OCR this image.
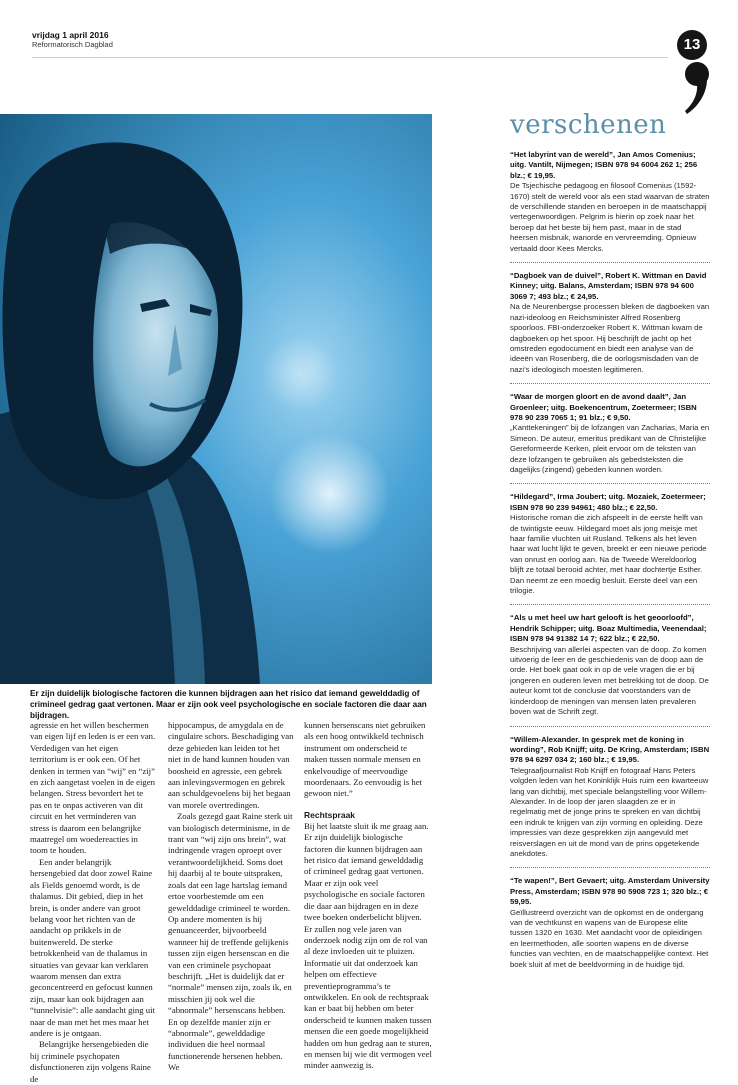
vrijdag 1 april 2016
Reformatorisch Dagblad	13
Er zijn duidelijk biologische factoren die kunnen bijdragen aan het risico dat iemand gewelddadig of crimineel gedrag gaat vertonen. Maar er zijn ook veel psychologische en sociale factoren die daar aan bijdragen.

agressie en het willen beschermen van eigen lijf en leden is er een van. Verdedigen van het eigen territorium is er ook een. Of het denken in termen van “wij” en “zij” en zich aangetast voelen in de eigen belangen. Stress bevordert het te pas en te onpas activeren van dit circuit en het verminderen van stress is daarom een belangrijke maatregel om woedereacties in toom te houden.

Een ander belangrijk hersengebied dat door zowel Raine als Fields genoemd wordt, is de thalamus. Dit gebied, diep in het brein, is onder andere van groot belang voor het richten van de aandacht op prikkels in de buitenwereld. De sterke betrokkenheid van de thalamus in situaties van gevaar kan verklaren waarom mensen dan extra geconcentreerd en gefocust kunnen zijn, maar kan ook bijdragen aan “tunnelvisie”: alle aandacht ging uit naar de man met het mes maar het andere is je ontgaan.

Belangrijke hersengebieden die bij criminele psychopaten disfunctioneren zijn volgens Raine de

hippocampus, de amygdala en de cingulaire schors. Beschadiging van deze gebieden kan leiden tot het niet in de hand kunnen houden van boosheid en agressie, een gebrek aan inlevingsvermogen en gebrek aan schuldgevoelens bij het begaan van morele overtredingen.

Zoals gezegd gaat Raine sterk uit van biologisch determinisme, in de trant van “wij zijn ons brein”, wat indringende vragen oproept over verantwoordelijkheid. Soms doet hij daarbij al te boute uitspraken, zoals dat een lage hartslag iemand ertoe voorbestemde om een gewelddadige crimineel te worden. Op andere momenten is hij genuanceerder, bijvoorbeeld wanneer hij de treffende gelijkenis tussen zijn eigen hersenscan en die van een criminele psychopaat beschrijft. „Het is duidelijk dat er “normale” mensen zijn, zoals ik, en misschien jij ook wel die “abnormale” hersenscans hebben. En op dezelfde manier zijn er “abnormale”, gewelddadige individuen die heel normaal functionerende hersenen hebben. We

kunnen hersenscans niet gebruiken als een hoog ontwikkeld technisch instrument om onderscheid te maken tussen normale mensen en enkelvoudige of meervoudige moordenaars. Zo eenvoudig is het gewoon niet.”

Rechtspraak

Bij het laatste sluit ik me graag aan. Er zijn duidelijk biologische factoren die kunnen bijdragen aan het risico dat iemand gewelddadig of crimineel gedrag gaat vertonen. Maar er zijn ook veel psychologische en sociale factoren die daar aan bijdragen en in deze twee boeken onderbelicht blijven. Er zullen nog vele jaren van onderzoek nodig zijn om de rol van al deze invloeden uit te pluizen. Informatie uit dat onderzoek kan helpen om effectieve preventieprogramma’s te ontwikkelen. En ook de rechtspraak kan er baat bij hebben om beter onderscheid te kunnen maken tussen mensen die een goede mogelijkheid hadden om hun gedrag aan te sturen, en mensen bij wie dit vermogen veel minder aanwezig is.

verschenen
“Het labyrint van de wereld”, Jan Amos Comenius; uitg. Vantilt, Nijmegen; ISBN 978 94 6004 262 1; 256 blz.; € 19,95.
De Tsjechische pedagoog en filosoof Comenius (1592-1670) stelt de wereld voor als een stad waarvan de straten de verschillende standen en beroepen in de maatschappij vertegenwoordigen. Pelgrim is hierin op zoek naar het beroep dat het beste bij hem past, maar in de stad heersen misbruik, wanorde en vervreemding. Opnieuw vertaald door Kees Mercks.
“Dagboek van de duivel”, Robert K. Wittman en David Kinney; uitg. Balans, Amsterdam; ISBN 978 94 600 3069 7; 493 blz.; € 24,95.
Na de Neurenbergse processen bleken de dagboeken van nazi-ideoloog en Reichsminister Alfred Rosenberg spoorloos. FBI-onderzoeker Robert K. Wittman kwam de dagboeken op het spoor. Hij beschrijft de jacht op het omstreden egodocument en biedt een analyse van de ideeën van Rosenberg, die de oorlogsmisdaden van de nazi’s ideologisch moesten legitimeren.
“Waar de morgen gloort en de avond daalt”, Jan Groenleer; uitg. Boekencentrum, Zoetermeer; ISBN 978 90 239 7065 1; 91 blz.; € 9,50.
„Kanttekeningen” bij de lofzangen van Zacharias, Maria en Simeon. De auteur, emeritus predikant van de Christelijke Gereformeerde Kerken, pleit ervoor om de teksten van deze lofzangen te gebruiken als gebedsteksten die dagelijks (zingend) gebeden kunnen worden.
“Hildegard”, Irma Joubert; uitg. Mozaiek, Zoetermeer; ISBN 978 90 239 94961; 480 blz.; € 22,50.
Historische roman die zich afspeelt in de eerste helft van de twintigste eeuw. Hildegard moet als jong meisje met haar familie vluchten uit Rusland. Telkens als het leven haar wat lucht lijkt te geven, breekt er een nieuwe periode van onrust en oorlog aan. Na de Tweede Wereldoorlog blijft ze totaal berooid achter, met haar dochtertje Esther. Dan neemt ze een moedig besluit. Eerste deel van een trilogie.
“Als u met heel uw hart gelooft is het geoorloofd”, Hendrik Schipper; uitg. Boaz Multimedia, Veenendaal; ISBN 978 94 91382 14 7; 622 blz.; € 22,50.
Beschrijving van allerlei aspecten van de doop. Zo komen uitvoerig de leer en de geschiedenis van de doop aan de orde. Het boek gaat ook in op de vele vragen die er bij jongeren en ouderen leven met betrekking tot de doop. De auteur komt tot de conclusie dat voorstanders van de kinderdoop de meningen van mensen laten prevaleren boven wat de Schrift zegt.
“Willem-Alexander. In gesprek met de koning in wording”, Rob Knijff; uitg. De Kring, Amsterdam; ISBN 978 94 6297 034 2; 160 blz.; € 19,95.
Telegraafjournalist Rob Knijff en fotograaf Hans Peters volgden leden van het Koninklijk Huis ruim een kwarteeuw lang van dichtbij, met speciale belangstelling voor Willem-Alexander. In de loop der jaren slaagden ze er in regelmatig met de jonge prins te spreken en van dichtbij een indruk te krijgen van zijn vorming en opleiding. Deze impressies van deze gesprekken zijn aangevuld met reisverslagen en uit de mond van de prins opgetekende anekdotes.
“Te wapen!”, Bert Gevaert; uitg. Amsterdam University Press, Amsterdam; ISBN 978 90 5908 723 1; 320 blz.; € 59,95.
Geïllustreerd overzicht van de opkomst en de ondergang van de vechtkunst en wapens van de Europese elite tussen 1320 en 1630. Met aandacht voor de opleidingen en leermethoden, alle soorten wapens en de diverse functies van vechten, en de maatschappelijke context. Het boek sluit af met de beeldvorming in de huidige tijd.
